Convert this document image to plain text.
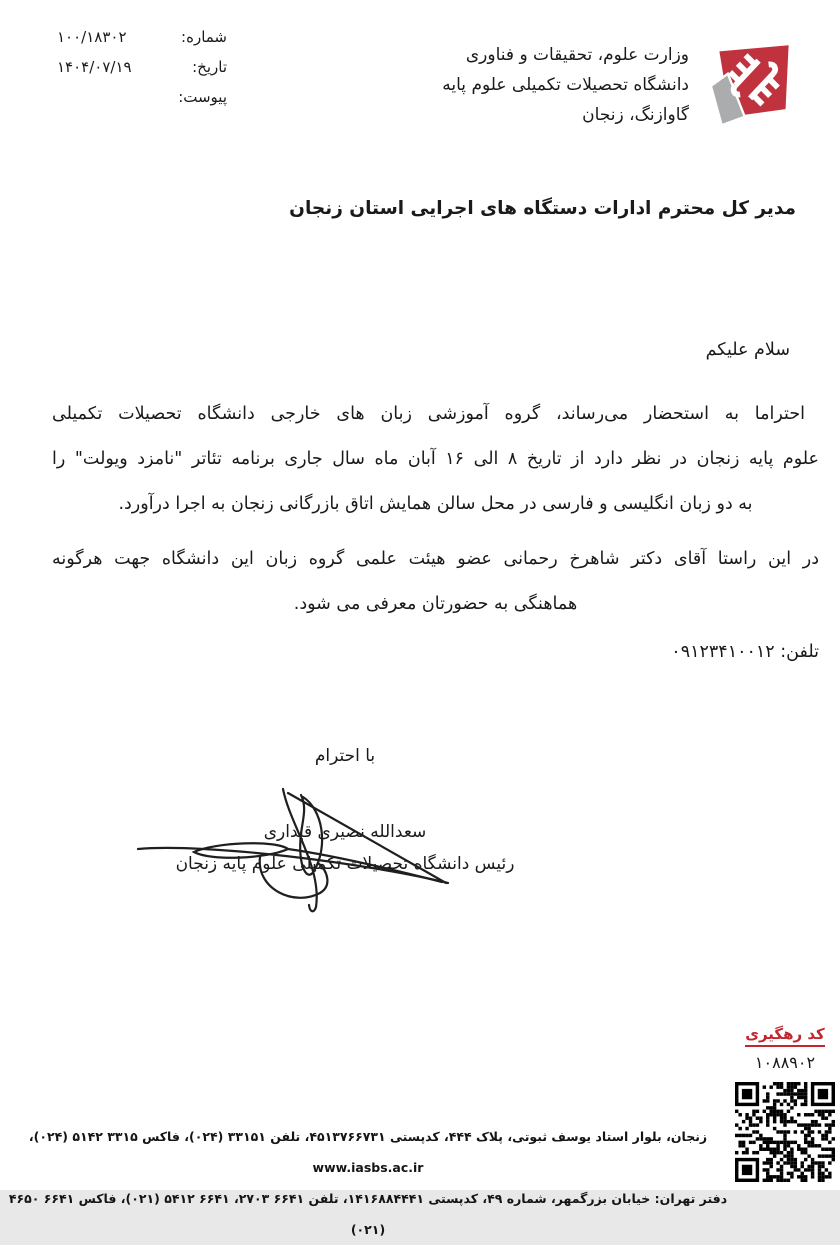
شماره:
۱۰۰/۱۸۳۰۲
تاریخ:
۱۴۰۴/۰۷/۱۹
پیوست:
وزارت علوم، تحقیقات و فناوری
دانشگاه تحصیلات تکمیلی علوم پایه
گاوازنگ، زنجان
مدیر کل محترم ادارات دستگاه های اجرایی استان زنجان
سلام علیکم
احتراما به استحضار می‌رساند، گروه آموزشی زبان های خارجی دانشگاه تحصیلات تکمیلی
علوم پایه زنجان در نظر دارد از تاریخ ۸ الی ۱۶ آبان ماه سال جاری برنامه تئاتر "نامزد ویولت" را
به دو زبان انگلیسی و فارسی در محل سالن همایش اتاق بازرگانی زنجان به اجرا درآورد.
در این راستا آقای دکتر شاهرخ رحمانی عضو هیئت علمی گروه زبان این دانشگاه جهت هرگونه
هماهنگی به حضورتان معرفی می شود.
تلفن: ۰۹۱۲۳۴۱۰۰۱۲
با احترام
سعدالله نصیری قیداری
رئیس دانشگاه تحصیلات تکمیلی علوم پایه زنجان
کد رهگیری
۱۰۸۸۹۰۲
زنجان، بلوار استاد یوسف ثبوتی، پلاک ۴۴۴، کدپستی ۴۵۱۳۷۶۶۷۳۱، تلفن ۳۳۱۵۱ (۰۲۴)، فاکس ۳۳۱۵ ۵۱۴۲ (۰۲۴)، www.iasbs.ac.ir
دفتر تهران: خیابان بزرگمهر، شماره ۴۹، کدپستی ۱۴۱۶۸۸۴۴۴۱، تلفن ۶۶۴۱ ۲۷۰۳، ۶۶۴۱ ۵۴۱۲ (۰۲۱)، فاکس ۶۶۴۱ ۴۶۵۰ (۰۲۱)
